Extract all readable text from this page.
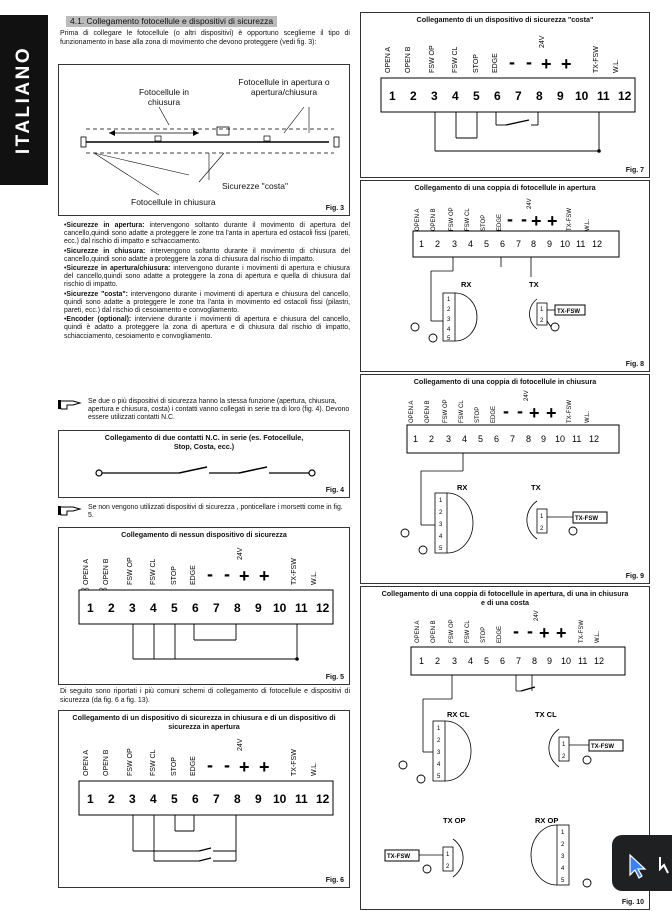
ITALIANO
4.1. Collegamento fotocellule e dispositivi di sicurezza

Prima di collegare le fotocellule (o altri dispositivi) è opportuno sceglierne il tipo di funzionamento in base alla zona di movimento che devono proteggere (vedi fig. 3):

Fotocellule in chiusura
Fotocellule in apertura o apertura/chiusura
Sicurezze "costa"
Fotocellule in chiusura
Fig. 3
•Sicurezze in apertura: intervengono soltanto durante il movimento di apertura del cancello,quindi sono adatte a proteggere le zone tra l'anta in apertura ed ostacoli fissi (pareti, ecc.) dal rischio di impatto e schiacciamento.
•Sicurezze in chiusura: intervengono soltanto durante il movimento di chiusura del cancello,quindi sono adatte a proteggere la zona di chiusura dal rischio di impatto.
•Sicurezze in apertura/chiusura: intervengono durante i movimenti di apertura e chiusura del cancello,quindi sono adatte a proteggere la zona di apertura e quella di chiusura dal rischio di impatto.
•Sicurezze "costa": intervengono durante i movimenti di apertura e chiusura del cancello, quindi sono adatte a proteggere le zone tra l'anta in movimento ed ostacoli fissi (pilastri, pareti, ecc.) dal rischio di cesoiamento e convogliamento.
•Encoder (optional): interviene durante i movimenti di apertura e chiusura del cancello, quindi è adatto a proteggere la zona di apertura e di chiusura dal rischio di impatto, schiacciamento, cesoiamento e convogliamento.
Se due o più dispositivi di sicurezza hanno la stessa funzione (apertura, chiusura, apertura e chiusura, costa) i contatti vanno collegati in serie tra di loro (fig. 4). Devono essere utilizzati contatti N.C.
Collegamento di due contatti N.C. in serie (es. Fotocellule, Stop, Costa, ecc.)
Fig. 4
Se non vengono utilizzati dispositivi di sicurezza , ponticellare i morsetti come in fig. 5.
Collegamento di nessun dispositivo di sicurezza
OPEN A OPEN B FSW OP FSW CL STOP EDGE - -
24V
+ +	TX-FSW W.L.
1 2 3 4 5 6 7 8 9 10 11 12
Fig. 5

Di seguito sono riportati i più comuni schemi di collegamento di fotocellule e dispositivi di sicurezza (da fig. 6 a fig. 13).

Collegamento di un dispositivo di sicurezza in chiusura e di un dispositivo di sicurezza in apertura
OPEN A OPEN B FSW OP FSW CL STOP EDGE - -
24V
+ +	TX-FSW W.L.
1 2 3 4 5 6 7 8 9 10 11 12
Fig. 6
Collegamento di un dispositivo di sicurezza "costa"
OPEN A OPEN B FSW OP FSW CL STOP EDGE - -
24V
+ +	TX-FSW W.L.
1 2 3 4 5 6 7 8 9 10 11 12
Fig. 7
Collegamento di una coppia di fotocellule in apertura
OPEN A OPEN B FSW OP FSW CL STOP EDGE - -
24V
+ + TX-FSW W.L.
1 2 3 4 5 6 7 8 9 10 11 12
RX	TX
1
2
3
4
5
1
2
TX-FSW
Fig. 8
Collegamento di una coppia di fotocellule in chiusura
OPEN A OPEN B FSW OP FSW CL STOP EDGE - -
24V
+ + TX-FSW W.L.
1 2 3 4 5 6 7 8 9 10 11 12
RX	TX
1
2
3
4
5
1
2
TX-FSW
Fig. 9
Collegamento di una coppia di fotocellule in apertura, di una in chiusura e di una costa
OPEN A OPEN B FSW OP FSW CL STOP EDGE - -
24V
+ + TX-FSW W.L.
1 2 3 4 5 6 7 8 9 10 11 12
RX CL	TX CL
1
2
3
4
5
1
2
TX-FSW
TX OP	RX OP
1
2
TX-FSW
1
2
3
4
5
Fig. 10
